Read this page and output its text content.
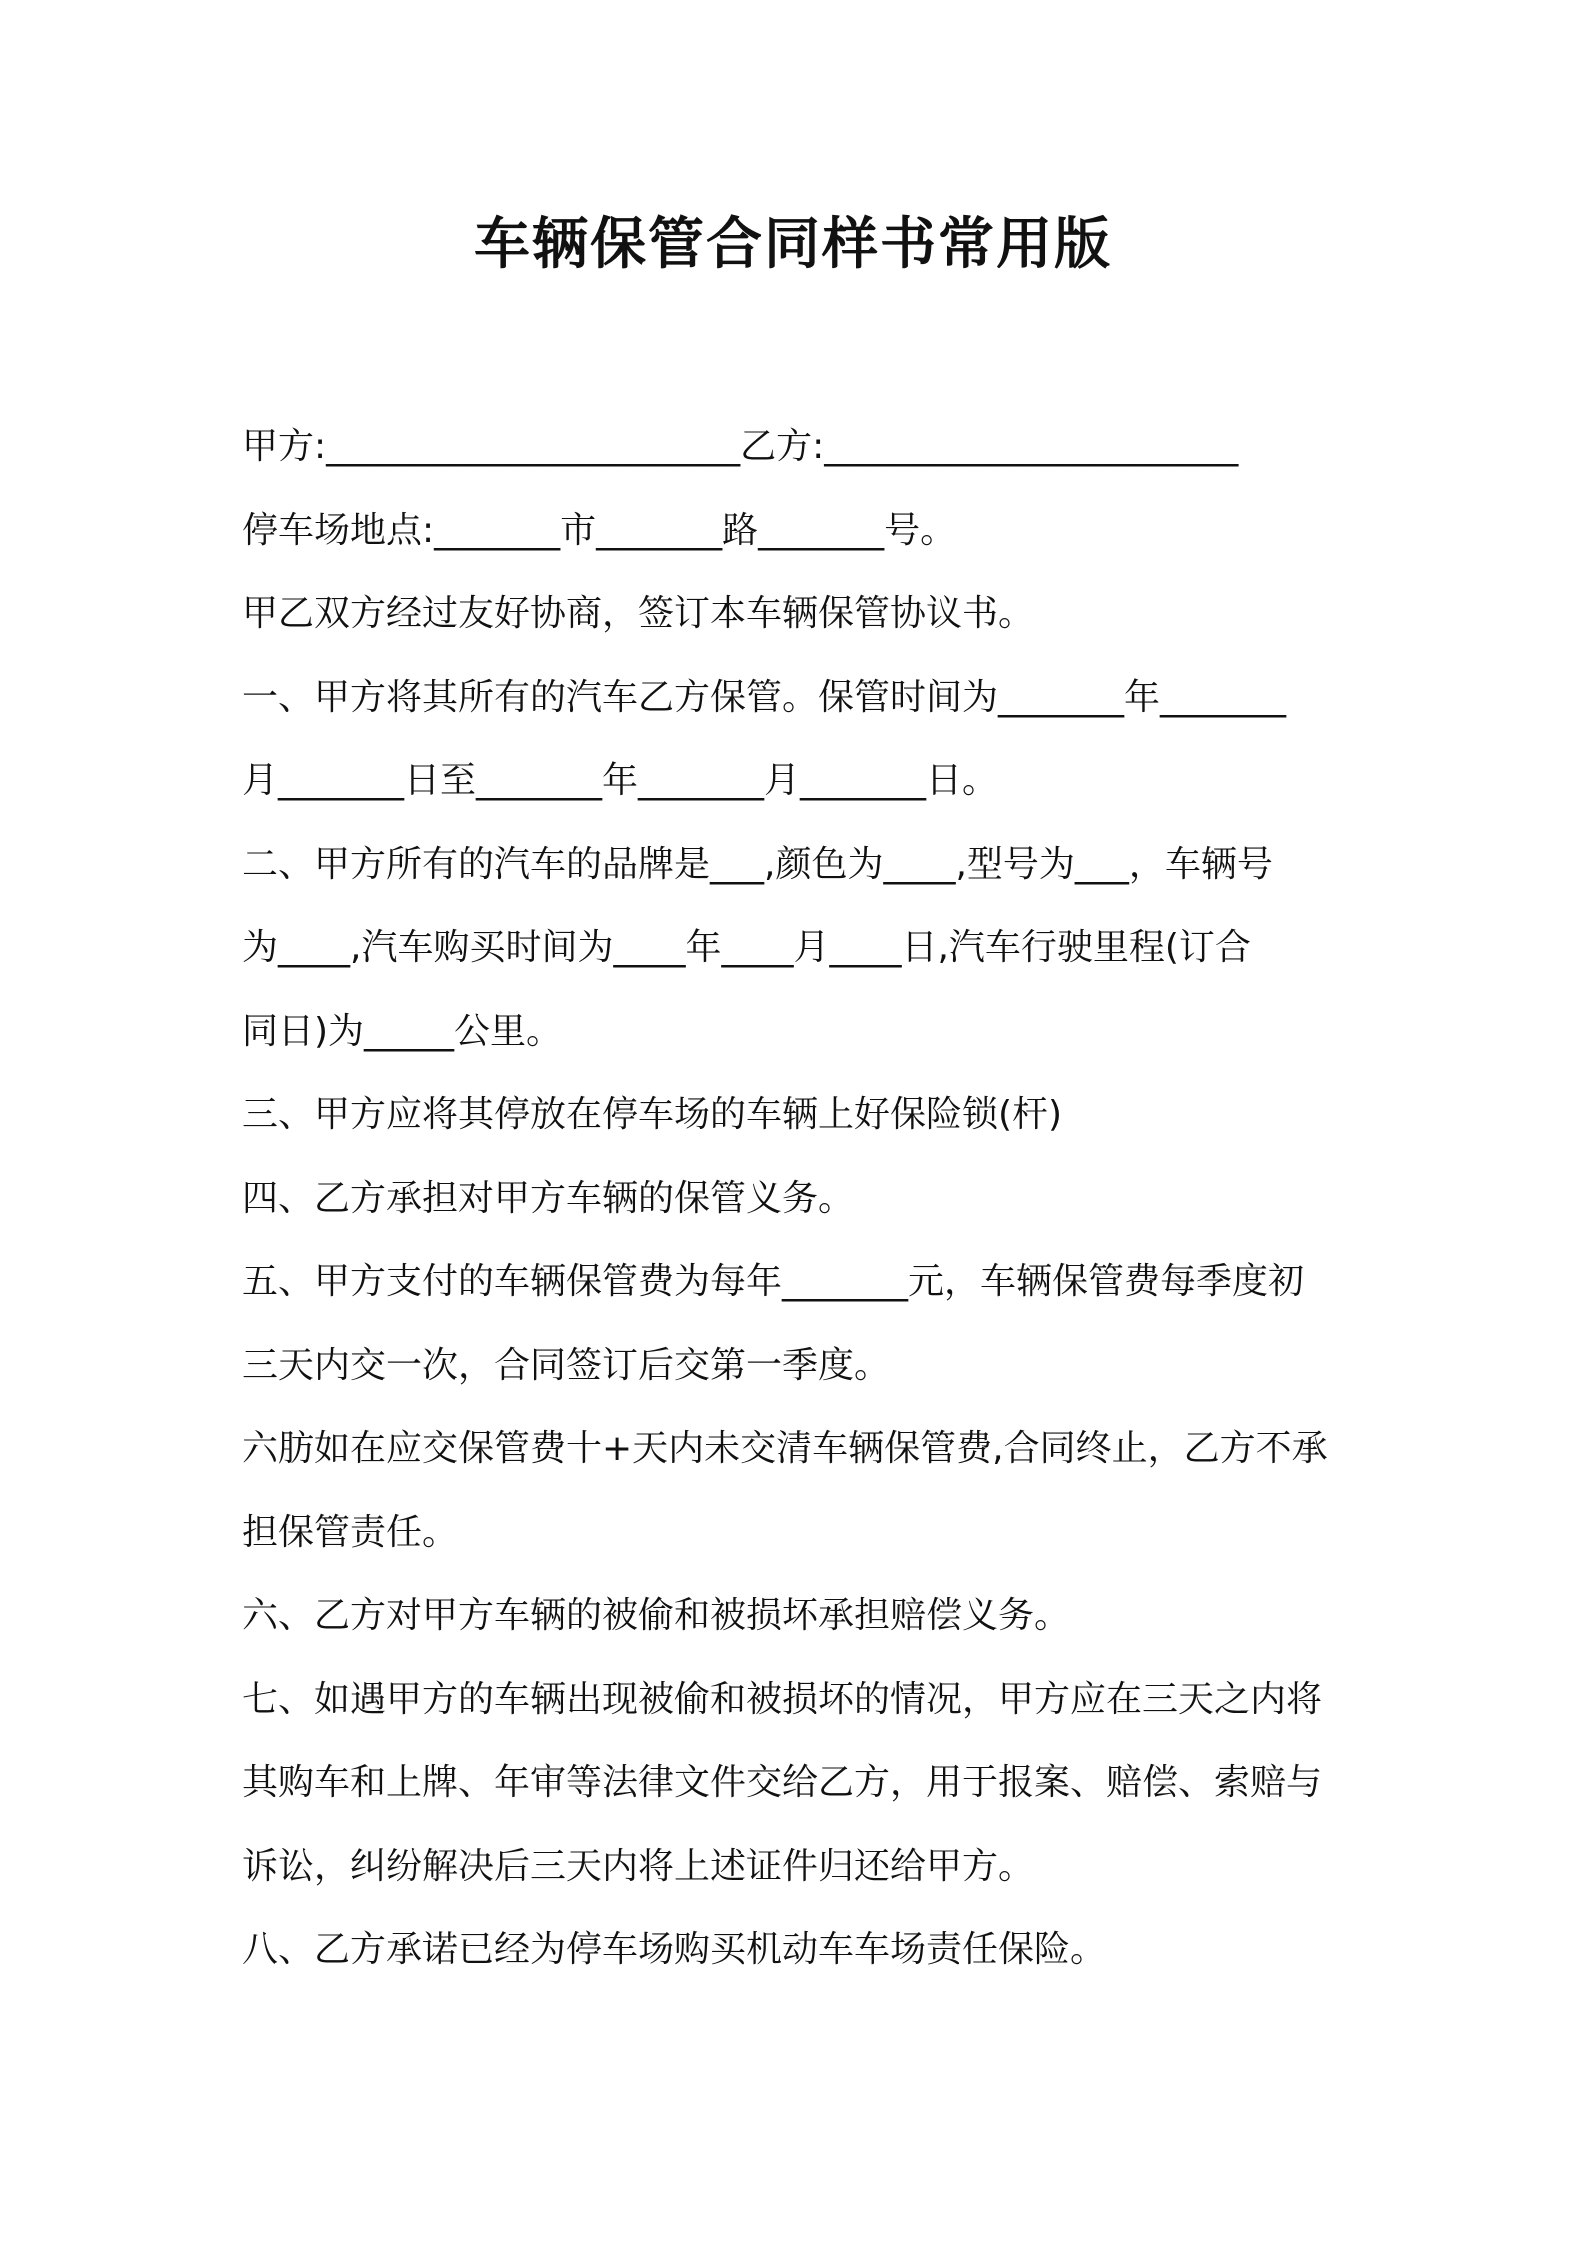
车辆保管合同样书常用版
甲方:_______________________乙方:_______________________
停车场地点:_______市_______路_______号。
甲乙双方经过友好协商，签订本车辆保管协议书。
一、甲方将其所有的汽车乙方保管。保管时间为_______年_______
月_______日至_______年_______月_______日。
二、甲方所有的汽车的品牌是___,颜色为____,型号为___，车辆号
为____,汽车购买时间为____年____月____日,汽车行驶里程(订合
同日)为_____公里。
三、甲方应将其停放在停车场的车辆上好保险锁(杆)
四、乙方承担对甲方车辆的保管义务。
五、甲方支付的车辆保管费为每年_______元，车辆保管费每季度初
三天内交一次，合同签订后交第一季度。
六肪如在应交保管费十+天内未交清车辆保管费,合同终止，乙方不承
担保管责任。
六、乙方对甲方车辆的被偷和被损坏承担赔偿义务。
七、如遇甲方的车辆出现被偷和被损坏的情况，甲方应在三天之内将
其购车和上牌、年审等法律文件交给乙方，用于报案、赔偿、索赔与
诉讼，纠纷解决后三天内将上述证件归还给甲方。
八、乙方承诺已经为停车场购买机动车车场责任保险。
